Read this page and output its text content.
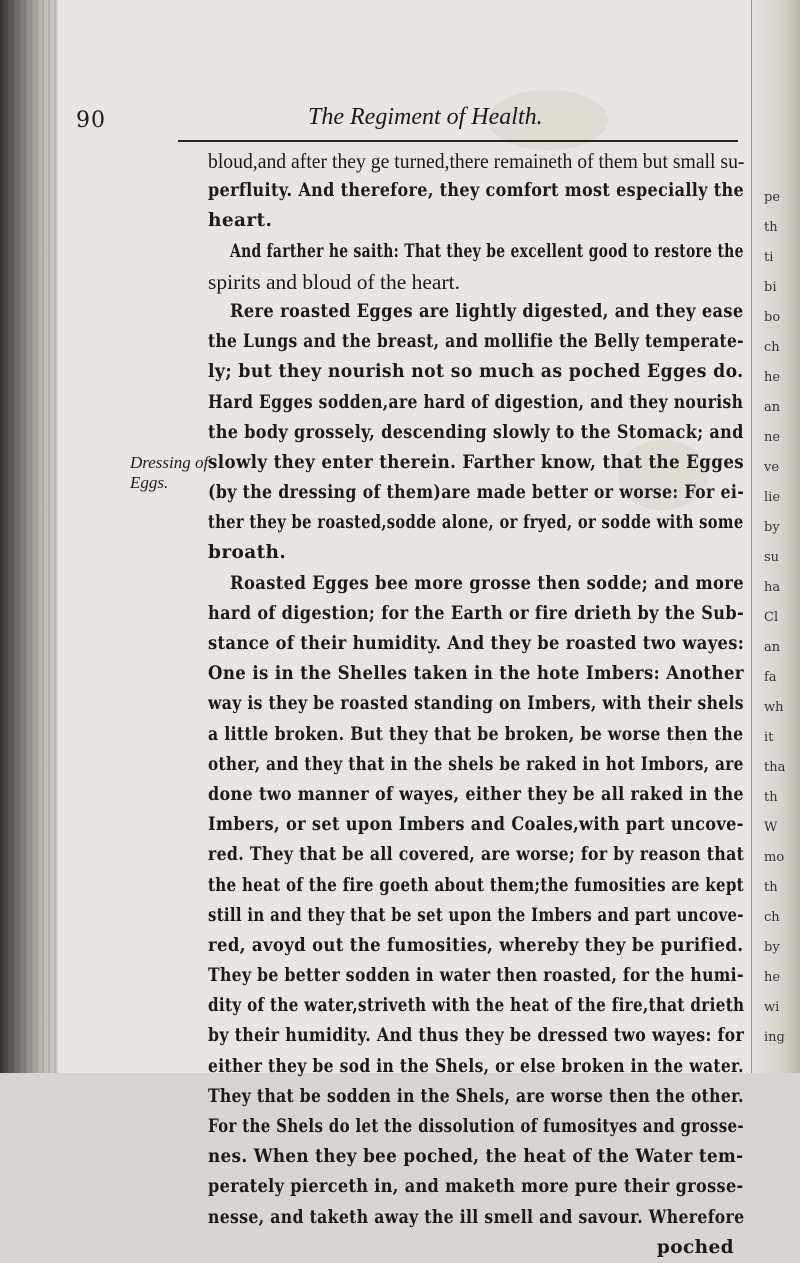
90	The Regiment of Health.
Dressing of
Eggs.
bloud,and after they ge turned,there remaineth of them but small su-
perfluity. And therefore, they comfort most especially the
heart.
And farther he saith: That they be excellent good to restore the
spirits and bloud of the heart.
Rere roasted Egges are lightly digested, and they ease
the Lungs and the breast, and mollifie the Belly temperate-
ly; but they nourish not so much as poched Egges do.
Hard Egges sodden,are hard of digestion, and they nourish
the body grossely, descending slowly to the Stomack; and
slowly they enter therein. Farther know, that the Egges
(by the dressing of them)are made better or worse: For ei-
ther they be roasted,sodde alone, or fryed, or sodde with some
broath.
Roasted Egges bee more grosse then sodde; and more
hard of digestion; for the Earth or fire drieth by the Sub-
stance of their humidity. And they be roasted two wayes:
One is in the Shelles taken in the hote Imbers: Another
way is they be roasted standing on Imbers, with their shels
a little broken. But they that be broken, be worse then the
other, and they that in the shels be raked in hot Imbors, are
done two manner of wayes, either they be all raked in the
Imbers, or set upon Imbers and Coales,with part uncove-
red. They that be all covered, are worse; for by reason that
the heat of the fire goeth about them;the fumosities are kept
still in and they that be set upon the Imbers and part uncove-
red, avoyd out the fumosities, whereby they be purified.
They be better sodden in water then roasted, for the humi-
dity of the water,striveth with the heat of the fire,that drieth
by their humidity. And thus they be dressed two wayes: for
either they be sod in the Shels, or else broken in the water.
They that be sodden in the Shels, are worse then the other.
For the Shels do let the dissolution of fumosityes and grosse-
nes. When they bee poched, the heat of the Water tem-
perately pierceth in, and maketh more pure their grosse-
nesse, and taketh away the ill smell and savour. Wherefore
poched
pe
th
ti
bi
bo
ch
he
an
ne
ve
lie
by
su
ha
Cl
an
fa
wh
it
tha
th
W
mo
th
ch
by
he
wi
ing
